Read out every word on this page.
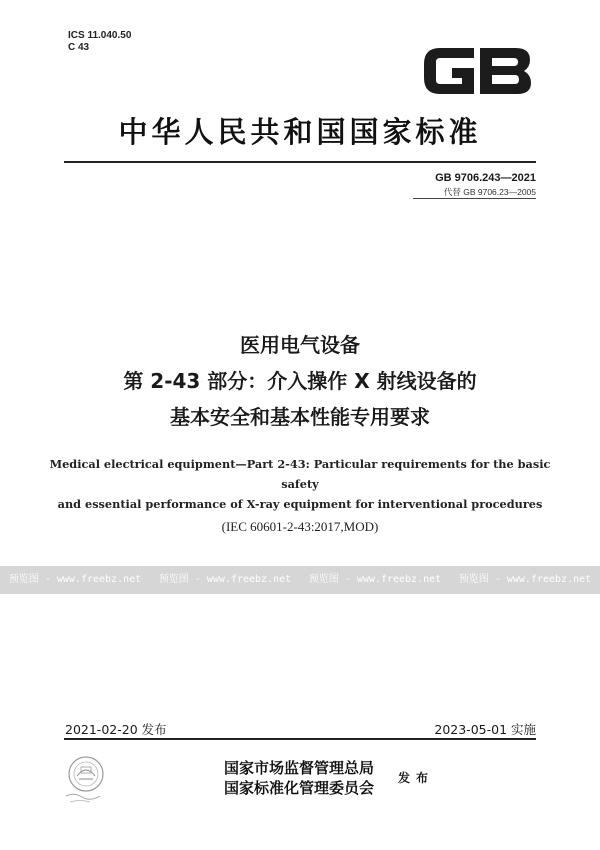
ICS 11.040.50
C 43
GB
中华人民共和国国家标准
GB 9706.243—2021
代替 GB 9706.23—2005
医用电气设备
第 2-43 部分：介入操作 X 射线设备的
基本安全和基本性能专用要求
Medical electrical equipment—Part 2-43: Particular requirements for the basic safety
and essential performance of X-ray equipment for interventional procedures
(IEC 60601-2-43:2017,MOD)
预览图 - www.freebz.net 预览图 - www.freebz.net 预览图 - www.freebz.net 预览图 - www.freebz.net
2021-02-20 发布	2023-05-01 实施
国家市场监督管理总局
国家标准化管理委员会
发布
